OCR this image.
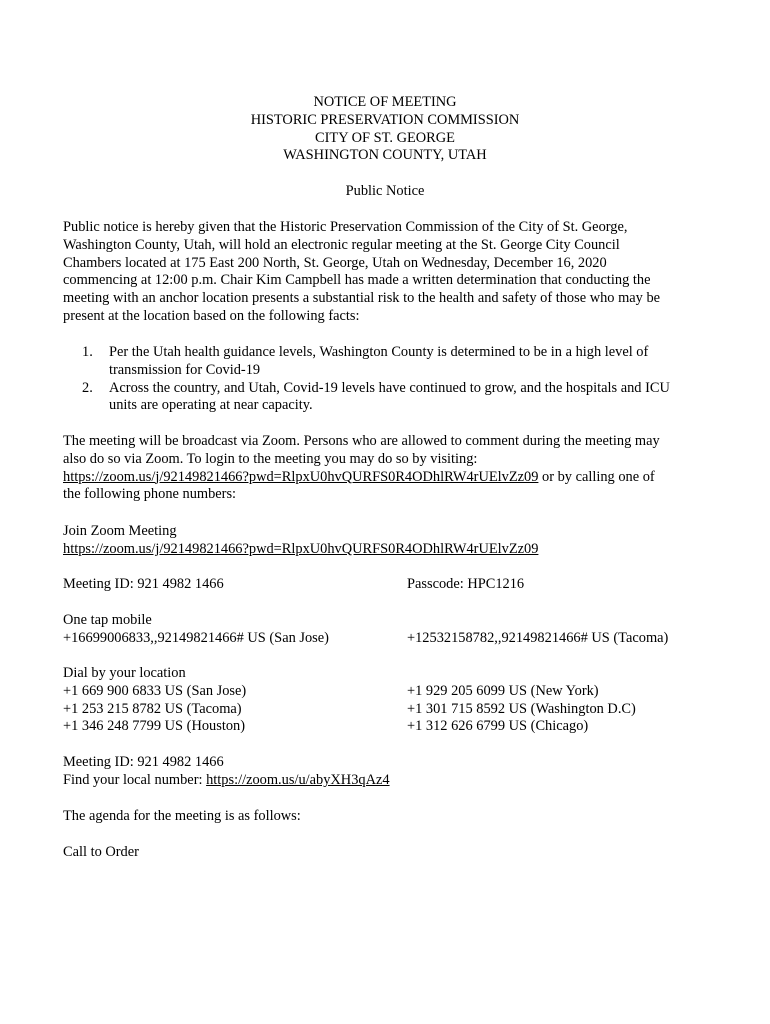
NOTICE OF MEETING
HISTORIC PRESERVATION COMMISSION
CITY OF ST. GEORGE
WASHINGTON COUNTY, UTAH
Public Notice
Public notice is hereby given that the Historic Preservation Commission of the City of St. George,
Washington County, Utah, will hold an electronic regular meeting at the St. George City Council
Chambers located at 175 East 200 North, St. George, Utah on Wednesday, December 16, 2020
commencing at 12:00 p.m. Chair Kim Campbell has made a written determination that conducting the
meeting with an anchor location presents a substantial risk to the health and safety of those who may be
present at the location based on the following facts:
1. Per the Utah health guidance levels, Washington County is determined to be in a high level of
transmission for Covid-19
2. Across the country, and Utah, Covid-19 levels have continued to grow, and the hospitals and ICU
units are operating at near capacity.
The meeting will be broadcast via Zoom. Persons who are allowed to comment during the meeting may
also do so via Zoom. To login to the meeting you may do so by visiting:
https://zoom.us/j/92149821466?pwd=RlpxU0hvQURFS0R4ODhlRW4rUElvZz09 or by calling one of
the following phone numbers:
Join Zoom Meeting
https://zoom.us/j/92149821466?pwd=RlpxU0hvQURFS0R4ODhlRW4rUElvZz09
Meeting ID: 921 4982 1466	Passcode: HPC1216
One tap mobile
+16699006833,,92149821466# US (San Jose)	+12532158782,,92149821466# US (Tacoma)
Dial by your location
+1 669 900 6833 US (San Jose)	+1 929 205 6099 US (New York)
+1 253 215 8782 US (Tacoma)	+1 301 715 8592 US (Washington D.C)
+1 346 248 7799 US (Houston)	+1 312 626 6799 US (Chicago)
Meeting ID: 921 4982 1466
Find your local number: https://zoom.us/u/abyXH3qAz4
The agenda for the meeting is as follows:
Call to Order
